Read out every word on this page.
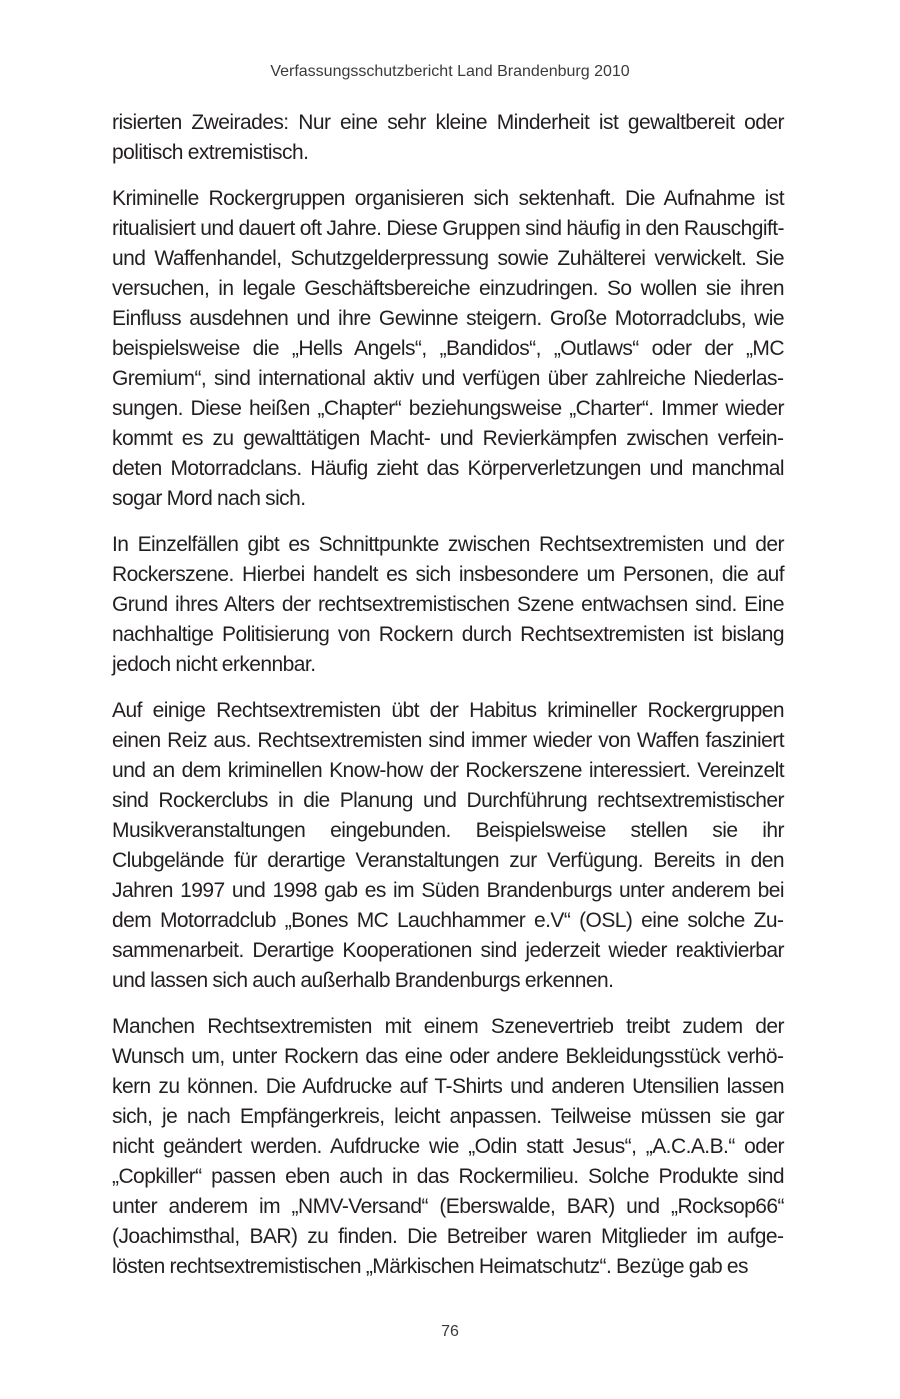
Verfassungsschutzbericht Land Brandenburg 2010

risierten Zweirades: Nur eine sehr kleine Minderheit ist gewaltbereit oder politisch extremistisch.

Kriminelle Rockergruppen organisieren sich sektenhaft. Die Aufnahme ist ritualisiert und dauert oft Jahre. Diese Gruppen sind häufig in den Rauschgift- und Waffenhandel, Schutzgelderpressung sowie Zuhälterei verwickelt. Sie versuchen, in legale Geschäftsbereiche einzudringen. So wollen sie ihren Einfluss ausdehnen und ihre Gewinne steigern. Große Motorradclubs, wie beispielsweise die „Hells Angels“, „Bandidos“, „Outlaws“ oder der „MC Gremium“, sind international aktiv und verfügen über zahlreiche Niederlassungen. Diese heißen „Chapter“ beziehungsweise „Charter“. Immer wieder kommt es zu gewalttätigen Macht- und Revierkämpfen zwischen verfeindeten Motorradclans. Häufig zieht das Körperverletzungen und manchmal sogar Mord nach sich.

In Einzelfällen gibt es Schnittpunkte zwischen Rechtsextremisten und der Rockerszene. Hierbei handelt es sich insbesondere um Personen, die auf Grund ihres Alters der rechtsextremistischen Szene entwachsen sind. Eine nachhaltige Politisierung von Rockern durch Rechtsextremisten ist bislang jedoch nicht erkennbar.

Auf einige Rechtsextremisten übt der Habitus krimineller Rockergruppen einen Reiz aus. Rechtsextremisten sind immer wieder von Waffen fasziniert und an dem kriminellen Know-how der Rockerszene interessiert. Vereinzelt sind Rockerclubs in die Planung und Durchführung rechtsextremistischer Musikveranstaltungen eingebunden. Beispielsweise stellen sie ihr Clubgelände für derartige Veranstaltungen zur Verfügung. Bereits in den Jahren 1997 und 1998 gab es im Süden Brandenburgs unter anderem bei dem Motorradclub „Bones MC Lauchhammer e.V“ (OSL) eine solche Zusammenarbeit. Derartige Kooperationen sind jederzeit wieder reaktivierbar und lassen sich auch außerhalb Brandenburgs erkennen.

Manchen Rechtsextremisten mit einem Szenevertrieb treibt zudem der Wunsch um, unter Rockern das eine oder andere Bekleidungsstück verhökern zu können. Die Aufdrucke auf T-Shirts und anderen Utensilien lassen sich, je nach Empfängerkreis, leicht anpassen. Teilweise müssen sie gar nicht geändert werden. Aufdrucke wie „Odin statt Jesus“, „A.C.A.B.“ oder „Copkiller“ passen eben auch in das Rockermilieu. Solche Produkte sind unter anderem im „NMV-Versand“ (Eberswalde, BAR) und „Rocksop66“ (Joachimsthal, BAR) zu finden. Die Betreiber waren Mitglieder im aufgelösten rechtsextremistischen „Märkischen Heimatschutz“. Bezüge gab es

76
